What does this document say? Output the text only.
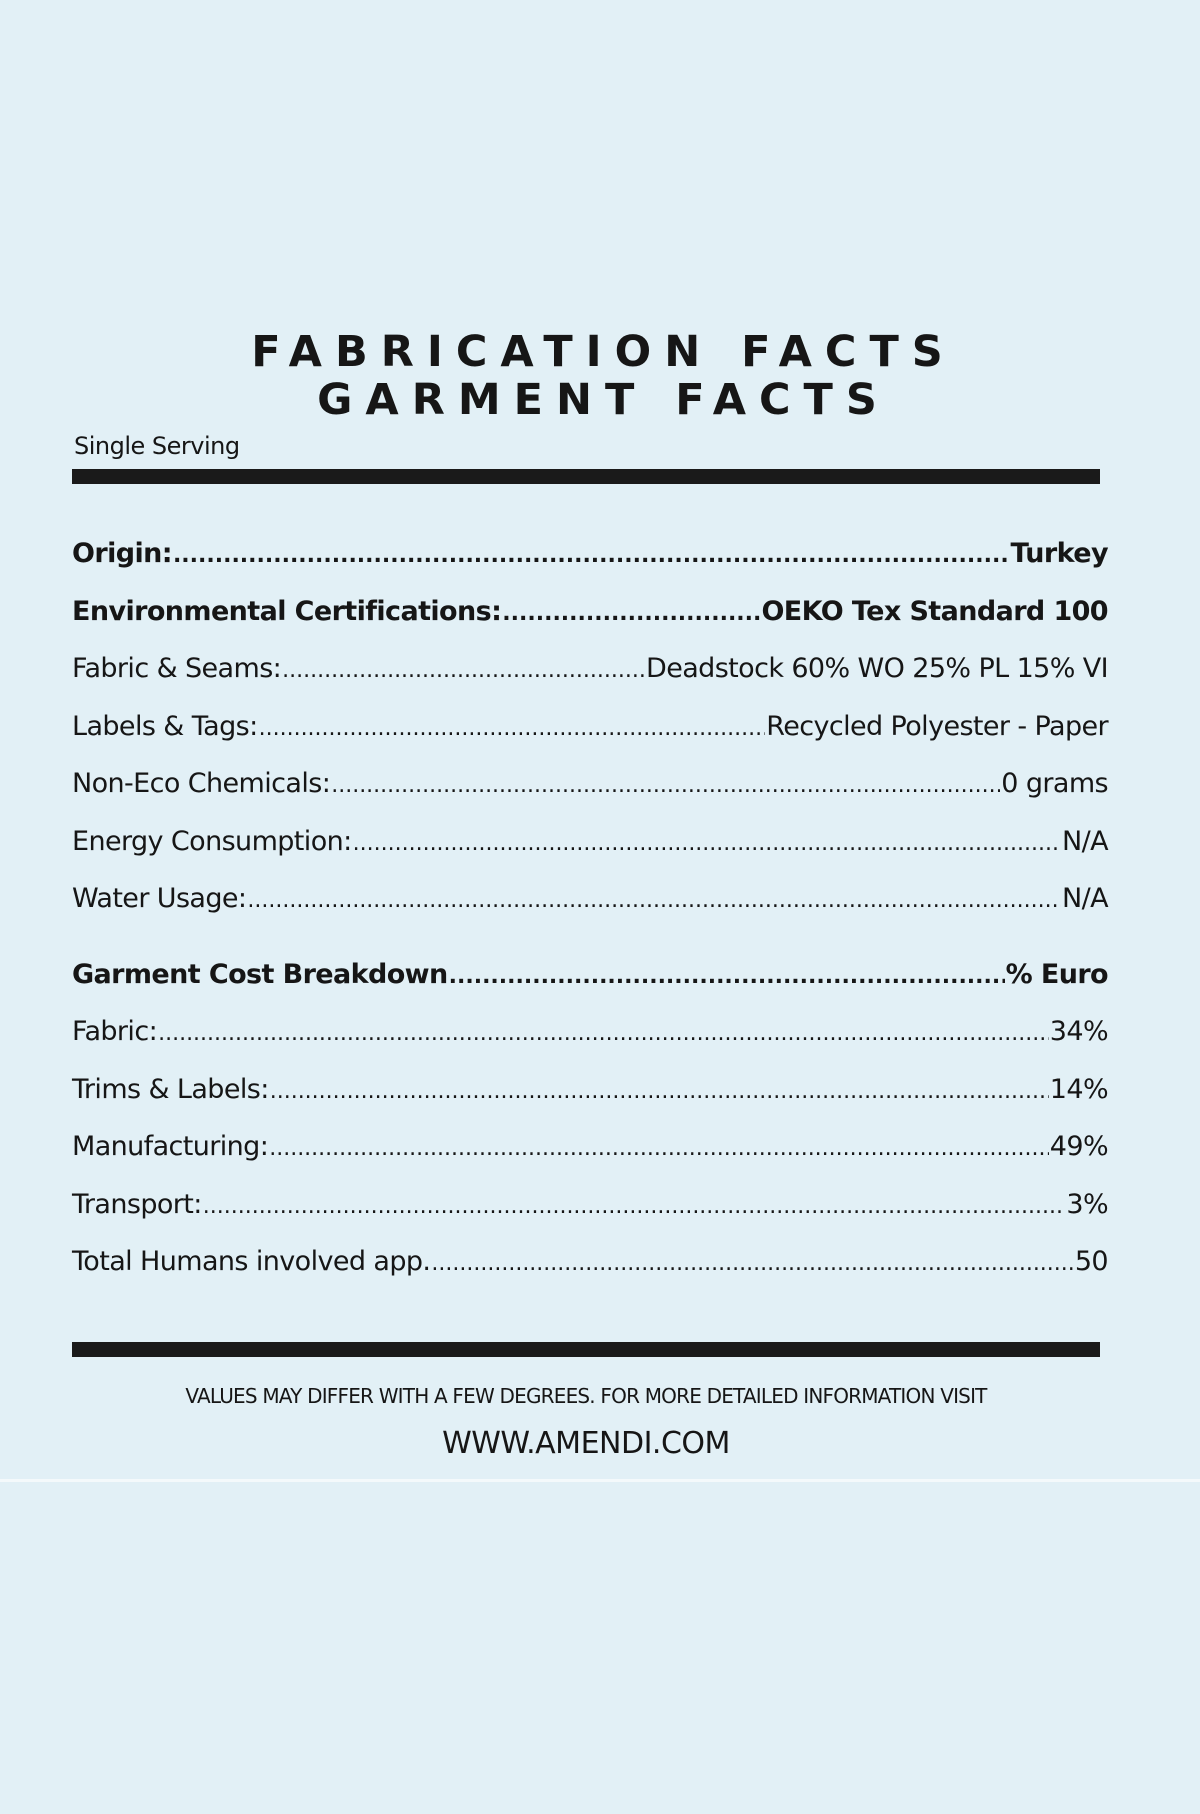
FABRICATION FACTS
GARMENT FACTS
Single Serving
Origin: .....	Turkey
Environmental Certifications: .....	OEKO Tex Standard 100
Fabric & Seams: .....	Deadstock 60% WO 25% PL 15% VI
Labels & Tags: .....	Recycled Polyester - Paper
Non-Eco Chemicals: .....	0 grams
Energy Consumption: .....	N/A
Water Usage: .....	N/A
Garment Cost Breakdown .....	% Euro
Fabric: .....	34%
Trims & Labels: .....	14%
Manufacturing: .....	49%
Transport: .....	3%
Total Humans involved app. .....	50
VALUES MAY DIFFER WITH A FEW DEGREES. FOR MORE DETAILED INFORMATION VISIT
WWW.AMENDI.COM
